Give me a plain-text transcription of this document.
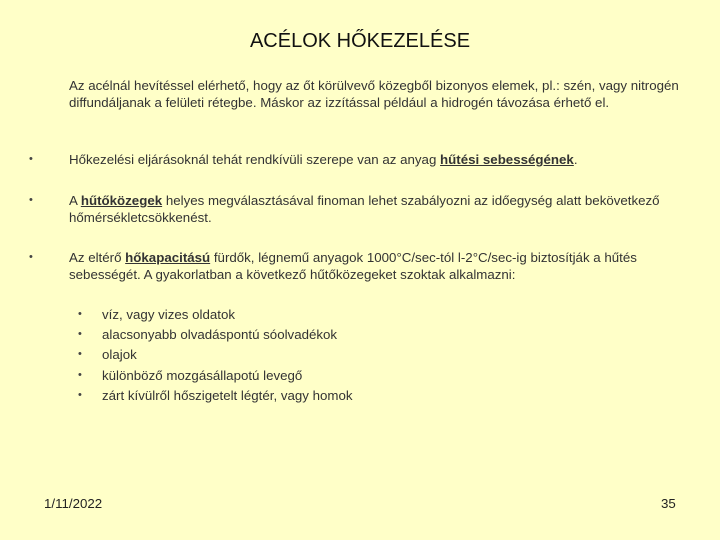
ACÉLOK HŐKEZELÉSE
Az acélnál hevítéssel elérhető, hogy az őt körülvevő közegből bizonyos elemek, pl.: szén, vagy nitrogén diffundáljanak a felületi rétegbe. Máskor az izzítással például a hidrogén távozása érhető el.
•	Hőkezelési eljárásoknál tehát rendkívüli szerepe van az anyag hűtési sebességének.
•	A hűtőközegek helyes megválasztásával finoman lehet szabályozni az időegység alatt bekövetkező hőmérsékletcsökkenést.
•	Az eltérő hőkapacitású fürdők, légnemű anyagok 1000°C/sec-tól l-2°C/sec-ig biztosítják a hűtés sebességét. A gyakorlatban a következő hűtőközegeket szoktak alkalmazni:
• víz, vagy vizes oldatok
• alacsonyabb olvadáspontú sóolvadékok
• olajok
• különböző mozgásállapotú levegő
• zárt kívülről hőszigetelt légtér, vagy homok
1/11/2022	35
